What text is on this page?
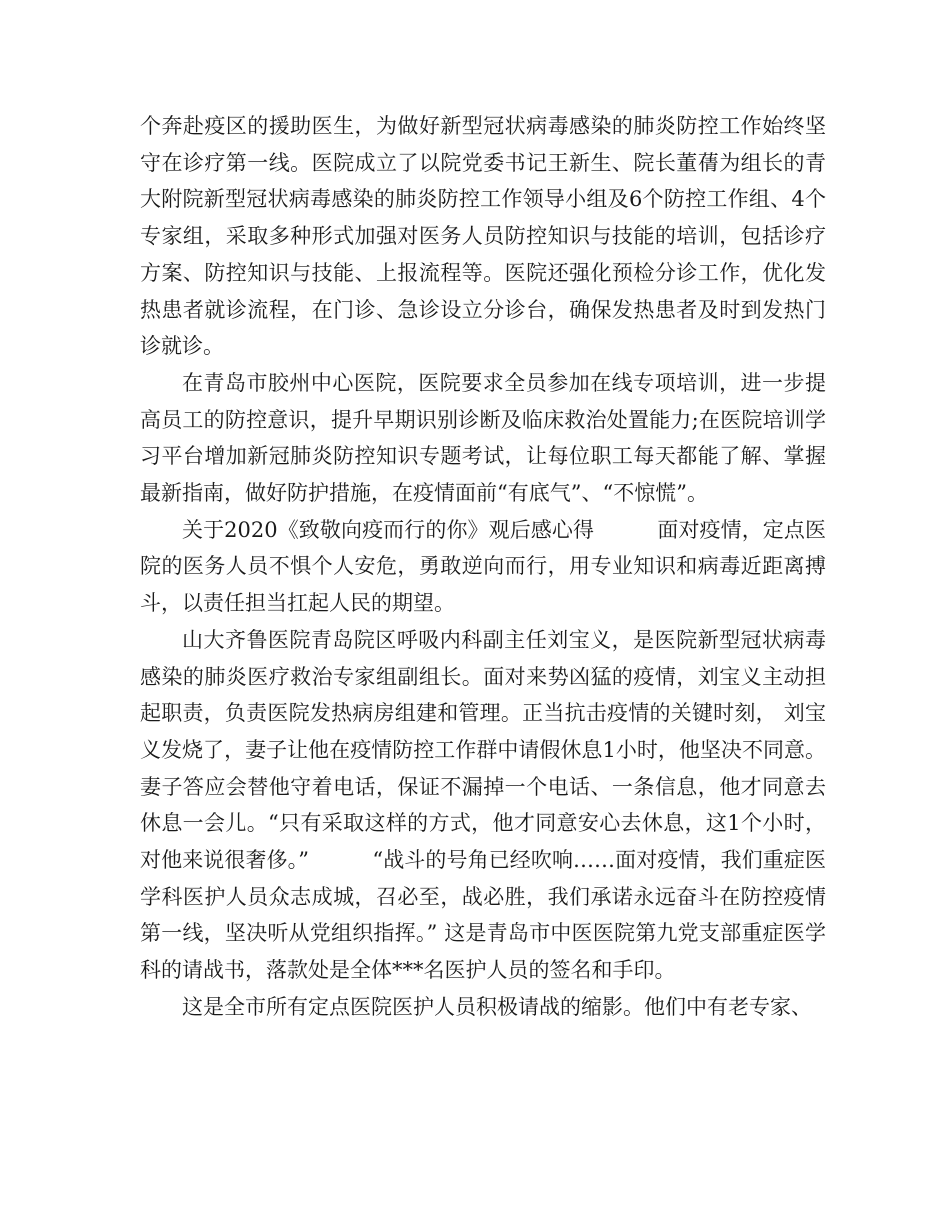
个奔赴疫区的援助医生，为做好新型冠状病毒感染的肺炎防控工作始终坚守在诊疗第一线。医院成立了以院党委书记王新生、院长董蒨为组长的青大附院新型冠状病毒感染的肺炎防控工作领导小组及6个防控工作组、4个专家组，采取多种形式加强对医务人员防控知识与技能的培训，包括诊疗方案、防控知识与技能、上报流程等。医院还强化预检分诊工作，优化发热患者就诊流程，在门诊、急诊设立分诊台，确保发热患者及时到发热门诊就诊。

在青岛市胶州中心医院，医院要求全员参加在线专项培训，进一步提高员工的防控意识，提升早期识别诊断及临床救治处置能力;在医院培训学习平台增加新冠肺炎防控知识专题考试，让每位职工每天都能了解、掌握最新指南，做好防护措施，在疫情面前“有底气”、“不惊慌”。

关于2020《致敬向疫而行的你》观后感心得　　　面对疫情，定点医院的医务人员不惧个人安危，勇敢逆向而行，用专业知识和病毒近距离搏斗，以责任担当扛起人民的期望。

山大齐鲁医院青岛院区呼吸内科副主任刘宝义，是医院新型冠状病毒感染的肺炎医疗救治专家组副组长。面对来势凶猛的疫情，刘宝义主动担起职责，负责医院发热病房组建和管理。正当抗击疫情的关键时刻， 刘宝义发烧了，妻子让他在疫情防控工作群中请假休息1小时，他坚决不同意。妻子答应会替他守着电话，保证不漏掉一个电话、一条信息，他才同意去休息一会儿。“只有采取这样的方式，他才同意安心去休息，这1个小时，对他来说很奢侈。”　　　“战斗的号角已经吹响……面对疫情，我们重症医学科医护人员众志成城，召必至，战必胜，我们承诺永远奋斗在防控疫情第一线，坚决听从党组织指挥。” 这是青岛市中医医院第九党支部重症医学科的请战书，落款处是全体***名医护人员的签名和手印。

这是全市所有定点医院医护人员积极请战的缩影。他们中有老专家、
